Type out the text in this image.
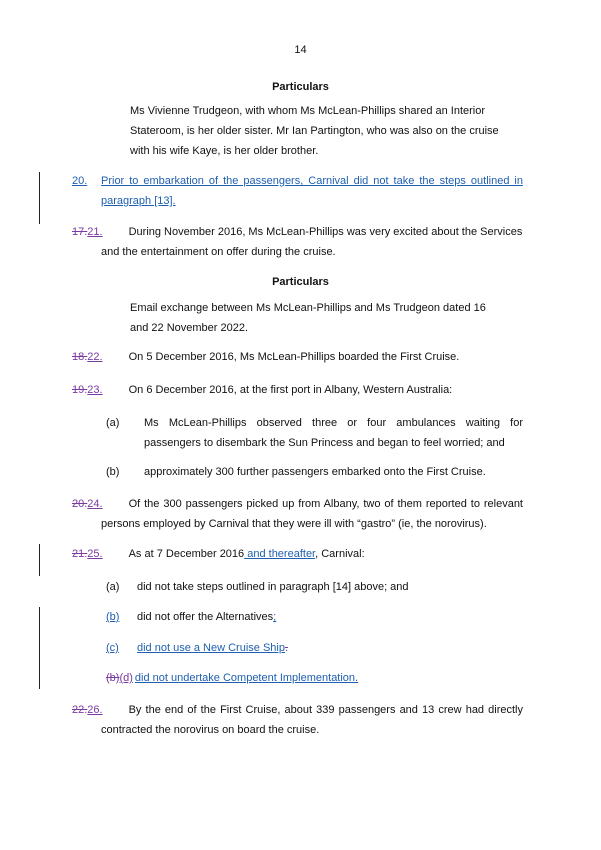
14
Particulars
Ms Vivienne Trudgeon, with whom Ms McLean-Phillips shared an Interior
Stateroom, is her older sister. Mr Ian Partington, who was also on the cruise
with his wife Kaye, is her older brother.
20. Prior to embarkation of the passengers, Carnival did not take the steps outlined in
paragraph [13].
17.21. During November 2016, Ms McLean-Phillips was very excited about the Services
and the entertainment on offer during the cruise.
Particulars
Email exchange between Ms McLean-Phillips and Ms Trudgeon dated 16
and 22 November 2022.
18.22. On 5 December 2016, Ms McLean-Phillips boarded the First Cruise.
19.23. On 6 December 2016, at the first port in Albany, Western Australia:
(a) Ms McLean-Phillips observed three or four ambulances waiting for
passengers to disembark the Sun Princess and began to feel worried; and
(b) approximately 300 further passengers embarked onto the First Cruise.
20.24. Of the 300 passengers picked up from Albany, two of them reported to relevant
persons employed by Carnival that they were ill with “gastro” (ie, the norovirus).
21.25. As at 7 December 2016 and thereafter, Carnival:
(a) did not take steps outlined in paragraph [14] above; and
(b) did not offer the Alternatives;
(c) did not use a New Cruise Ship.
(b)(d) did not undertake Competent Implementation.
22.26. By the end of the First Cruise, about 339 passengers and 13 crew had directly
contracted the norovirus on board the cruise.
